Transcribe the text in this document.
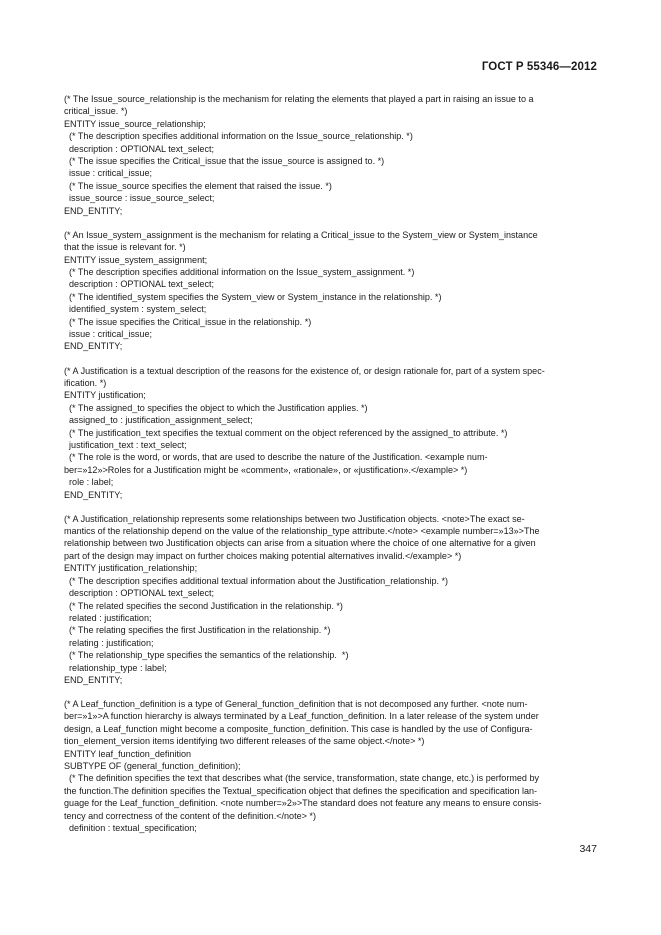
ГОСТ Р 55346—2012
(* The Issue_source_relationship is the mechanism for relating the elements that played a part in raising an issue to a
critical_issue. *)
ENTITY issue_source_relationship;
(* The description specifies additional information on the Issue_source_relationship. *)
description : OPTIONAL text_select;
(* The issue specifies the Critical_issue that the issue_source is assigned to. *)
issue : critical_issue;
(* The issue_source specifies the element that raised the issue. *)
issue_source : issue_source_select;
END_ENTITY;
(* An Issue_system_assignment is the mechanism for relating a Critical_issue to the System_view or System_instance
that the issue is relevant for. *)
ENTITY issue_system_assignment;
(* The description specifies additional information on the Issue_system_assignment. *)
description : OPTIONAL text_select;
(* The identified_system specifies the System_view or System_instance in the relationship. *)
identified_system : system_select;
(* The issue specifies the Critical_issue in the relationship. *)
issue : critical_issue;
END_ENTITY;
(* A Justification is a textual description of the reasons for the existence of, or design rationale for, part of a system spec-
ification. *)
ENTITY justification;
(* The assigned_to specifies the object to which the Justification applies. *)
assigned_to : justification_assignment_select;
(* The justification_text specifies the textual comment on the object referenced by the assigned_to attribute. *)
justification_text : text_select;
(* The role is the word, or words, that are used to describe the nature of the Justification. <example num-
ber=»12»>Roles for a Justification might be «comment», «rationale», or «justification».</example> *)
role : label;
END_ENTITY;
(* A Justification_relationship represents some relationships between two Justification objects. <note>The exact se-
mantics of the relationship depend on the value of the relationship_type attribute.</note> <example number=»13»>The
relationship between two Justification objects can arise from a situation where the choice of one alternative for a given
part of the design may impact on further choices making potential alternatives invalid.</example> *)
ENTITY justification_relationship;
(* The description specifies additional textual information about the Justification_relationship. *)
description : OPTIONAL text_select;
(* The related specifies the second Justification in the relationship. *)
related : justification;
(* The relating specifies the first Justification in the relationship. *)
relating : justification;
(* The relationship_type specifies the semantics of the relationship.  *)
relationship_type : label;
END_ENTITY;
(* A Leaf_function_definition is a type of General_function_definition that is not decomposed any further. <note num-
ber=»1»>A function hierarchy is always terminated by a Leaf_function_definition. In a later release of the system under
design, a Leaf_function might become a composite_function_definition. This case is handled by the use of Configura-
tion_element_version items identifying two different releases of the same object.</note> *)
ENTITY leaf_function_definition
SUBTYPE OF (general_function_definition);
(* The definition specifies the text that describes what (the service, transformation, state change, etc.) is performed by
the function.The definition specifies the Textual_specification object that defines the specification and specification lan-
guage for the Leaf_function_definition. <note number=»2»>The standard does not feature any means to ensure consis-
tency and correctness of the content of the definition.</note> *)
definition : textual_specification;
347
